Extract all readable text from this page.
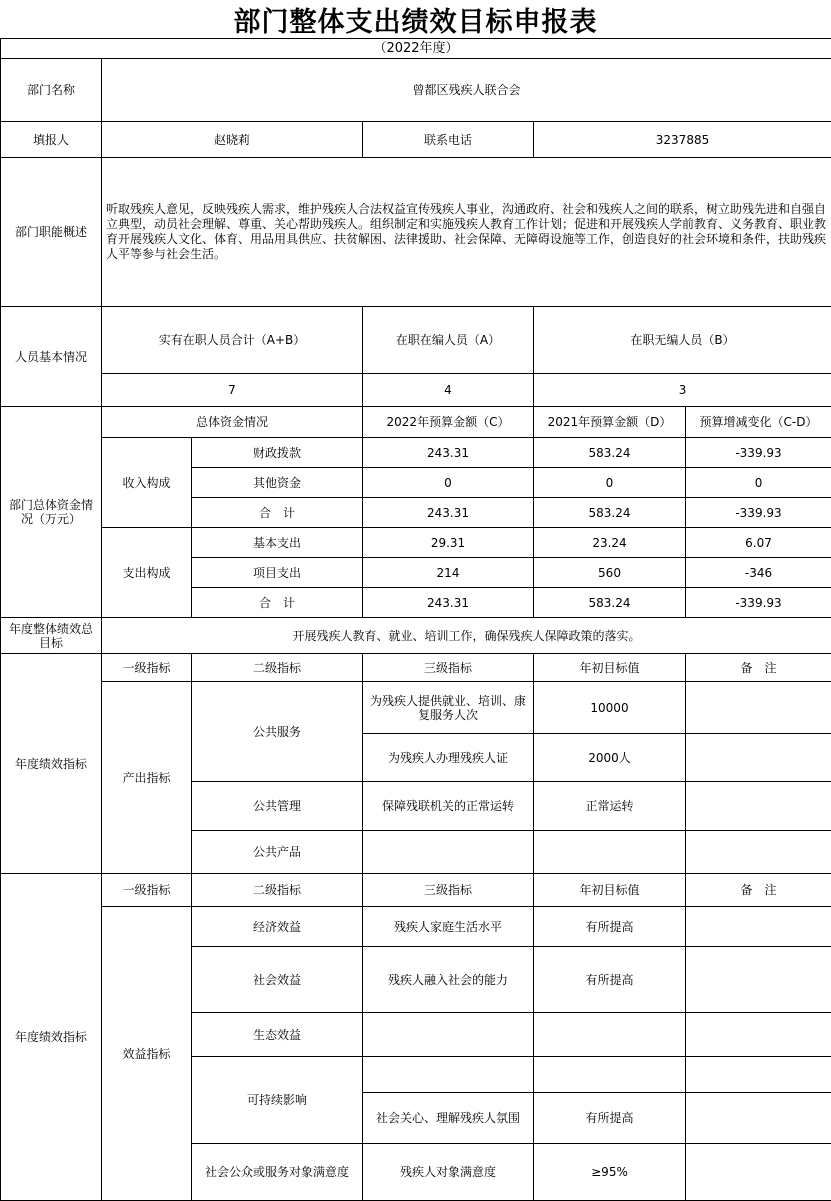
部门整体支出绩效目标申报表
（2022年度）					
部门名称	曾都区残疾人联合会				
填报人	赵晓莉		联系电话	3237885	
部门职能概述	听取残疾人意见，反映残疾人需求，维护残疾人合法权益宣传残疾人事业，沟通政府、社会和残疾人之间的联系，树立助残先进和自强自立典型，动员社会理解、尊重、关心帮助残疾人。组织制定和实施残疾人教育工作计划；促进和开展残疾人学前教育、义务教育、职业教育开展残疾人文化、体育、用品用具供应、扶贫解困、法律援助、社会保障、无障碍设施等工作，创造良好的社会环境和条件，扶助残疾人平等参与社会生活。				
人员基本情况	实有在职人员合计（A+B）		在职在编人员（A）	在职无编人员（B）	
	7		4	3	
部门总体资金情况（万元）	总体资金情况		2022年预算金额（C）	2021年预算金额（D）	预算增减变化（C-D）
	收入构成	财政拨款	243.31	583.24	-339.93
		其他资金	0	0	0
		合　计	243.31	583.24	-339.93
	支出构成	基本支出	29.31	23.24	6.07
		项目支出	214	560	-346
		合　计	243.31	583.24	-339.93
年度整体绩效总目标	开展残疾人教育、就业、培训工作，确保残疾人保障政策的落实。				
年度绩效指标	一级指标	二级指标	三级指标	年初目标值	备　注
	产出指标	公共服务	为残疾人提供就业、培训、康复服务人次	10000	
			为残疾人办理残疾人证	2000人	
		公共管理	保障残联机关的正常运转	正常运转	
		公共产品			

年度绩效指标	一级指标	二级指标	三级指标	年初目标值	备　注
	效益指标	经济效益	残疾人家庭生活水平	有所提高	
		社会效益	残疾人融入社会的能力	有所提高	
		生态效益			
		可持续影响			
			社会关心、理解残疾人氛围	有所提高	
		社会公众或服务对象满意度	残疾人对象满意度	≥95%	
